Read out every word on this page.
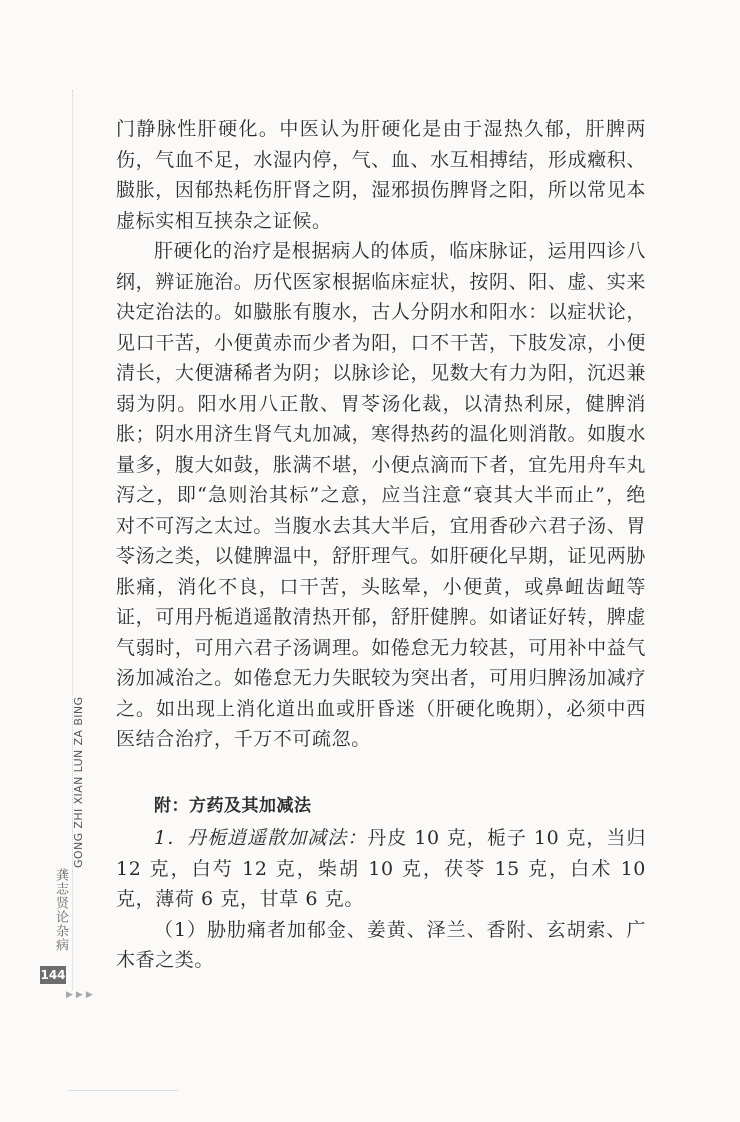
门静脉性肝硬化。中医认为肝硬化是由于湿热久郁，肝脾两伤，气血不足，水湿内停，气、血、水互相搏结，形成癥积、臌胀，因郁热耗伤肝肾之阴，湿邪损伤脾肾之阳，所以常见本虚标实相互挟杂之证候。

肝硬化的治疗是根据病人的体质，临床脉证，运用四诊八纲，辨证施治。历代医家根据临床症状，按阴、阳、虚、实来决定治法的。如臌胀有腹水，古人分阴水和阳水：以症状论，见口干苦，小便黄赤而少者为阳，口不干苦，下肢发凉，小便清长，大便溏稀者为阴；以脉诊论，见数大有力为阳，沉迟兼弱为阴。阳水用八正散、胃苓汤化裁，以清热利尿，健脾消胀；阴水用济生肾气丸加减，寒得热药的温化则消散。如腹水量多，腹大如鼓，胀满不堪，小便点滴而下者，宜先用舟车丸泻之，即“急则治其标”之意，应当注意“衰其大半而止”，绝对不可泻之太过。当腹水去其大半后，宜用香砂六君子汤、胃苓汤之类，以健脾温中，舒肝理气。如肝硬化早期，证见两胁胀痛，消化不良，口干苦，头眩晕，小便黄，或鼻衄齿衄等证，可用丹栀逍遥散清热开郁，舒肝健脾。如诸证好转，脾虚气弱时，可用六君子汤调理。如倦怠无力较甚，可用补中益气汤加减治之。如倦怠无力失眠较为突出者，可用归脾汤加减疗之。如出现上消化道出血或肝昏迷（肝硬化晚期），必须中西医结合治疗，千万不可疏忽。

附：方药及其加减法

1．丹栀逍遥散加减法：丹皮 10 克，栀子 10 克，当归 12 克，白芍 12 克，柴胡 10 克，茯苓 15 克，白术 10 克，薄荷 6 克，甘草 6 克。

（1）胁肋痛者加郁金、姜黄、泽兰、香附、玄胡索、广木香之类。

GONG ZHI XIAN LUN ZA BING
龚志贤论杂病
144
▶▶▶
